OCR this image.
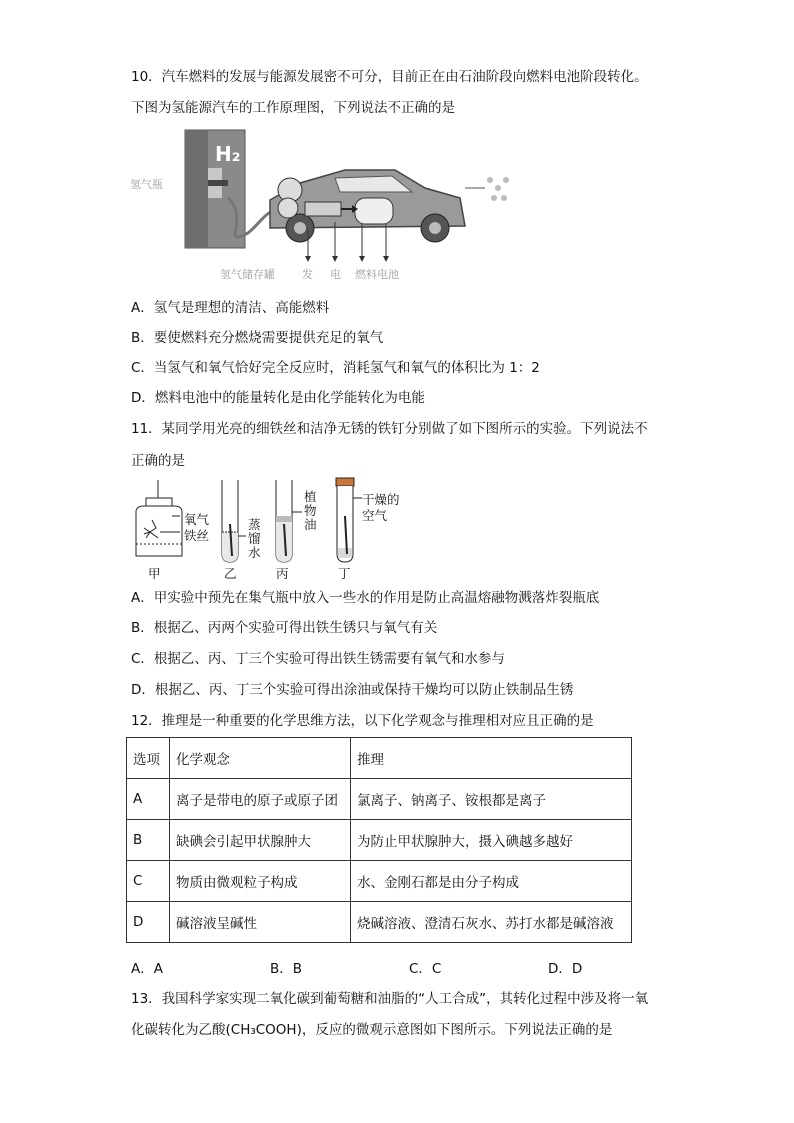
10．汽车燃料的发展与能源发展密不可分，目前正在由石油阶段向燃料电池阶段转化。
下图为氢能源汽车的工作原理图，下列说法不正确的是
H₂
氢气瓶
氢气储存罐 发 电 燃料电池
A．氢气是理想的清洁、高能燃料
B．要使燃料充分燃烧需要提供充足的氧气
C．当氢气和氧气恰好完全反应时，消耗氢气和氧气的体积比为 1：2
D．燃料电池中的能量转化是由化学能转化为电能
11．某同学用光亮的细铁丝和洁净无锈的铁钉分别做了如下图所示的实验。下列说法不
正确的是
氧气
铁丝
蒸
馏
水
植
物
油
干燥的
空气
甲	乙	丙	丁
A．甲实验中预先在集气瓶中放入一些水的作用是防止高温熔融物溅落炸裂瓶底
B．根据乙、丙两个实验可得出铁生锈只与氧气有关
C．根据乙、丙、丁三个实验可得出铁生锈需要有氧气和水参与
D．根据乙、丙、丁三个实验可得出涂油或保持干燥均可以防止铁制品生锈
12．推理是一种重要的化学思维方法，以下化学观念与推理相对应且正确的是
选项	化学观念	推理
A	离子是带电的原子或原子团	氯离子、钠离子、铵根都是离子
B	缺碘会引起甲状腺肿大	为防止甲状腺肿大，摄入碘越多越好
C	物质由微观粒子构成	水、金刚石都是由分子构成
D	碱溶液呈碱性	烧碱溶液、澄清石灰水、苏打水都是碱溶液
A．A	B．B	C．C	D．D
13．我国科学家实现二氧化碳到葡萄糖和油脂的“人工合成”，其转化过程中涉及将一氧
化碳转化为乙酸(CH₃COOH)，反应的微观示意图如下图所示。下列说法正确的是
